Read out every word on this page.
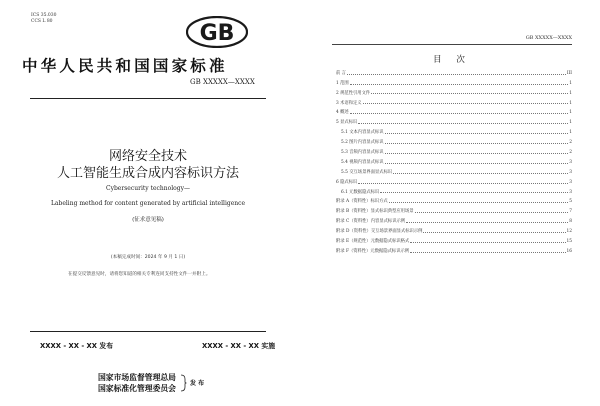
ICS 35.030
CCS L 80	GB
中华人民共和国国家标准
GB XXXXX—XXXX
网络安全技术
人工智能生成合成内容标识方法
Cybersecurity technology—
Labeling method for content generated by artificial intelligence
(征求意见稿)
(本稿完成时间：2024 年 9 月 1 日)
在提交反馈意见时，请将您知道的相关专利连同支持性文件一并附上。
XXXX - XX - XX 发布	XXXX - XX - XX 实施
国家市场监督管理总局
国家标准化管理委员会
发 布
GB XXXXX—XXXX
目 次
前 言	III
1 范围	1
2 规范性引用文件	1
3 术语和定义	1
4 概述	1
5 显式标识	1
5.1 文本内容显式标识	1
5.2 图片内容显式标识	2
5.3 音频内容显式标识	2
5.4 视频内容显式标识	3
5.5 交互场景界面显式标识	3
6 隐式标识	3
6.1 元数据隐式标识	3
附录 A（资料性）标识方式	5
附录 B（资料性）显式标识典型应用场景	7
附录 C（资料性）内容显式标识示例	8
附录 D（资料性）交互场景界面显式标识示例	12
附录 E（规范性）元数据隐式标识格式	15
附录 F（资料性）元数据隐式标识示例	16
